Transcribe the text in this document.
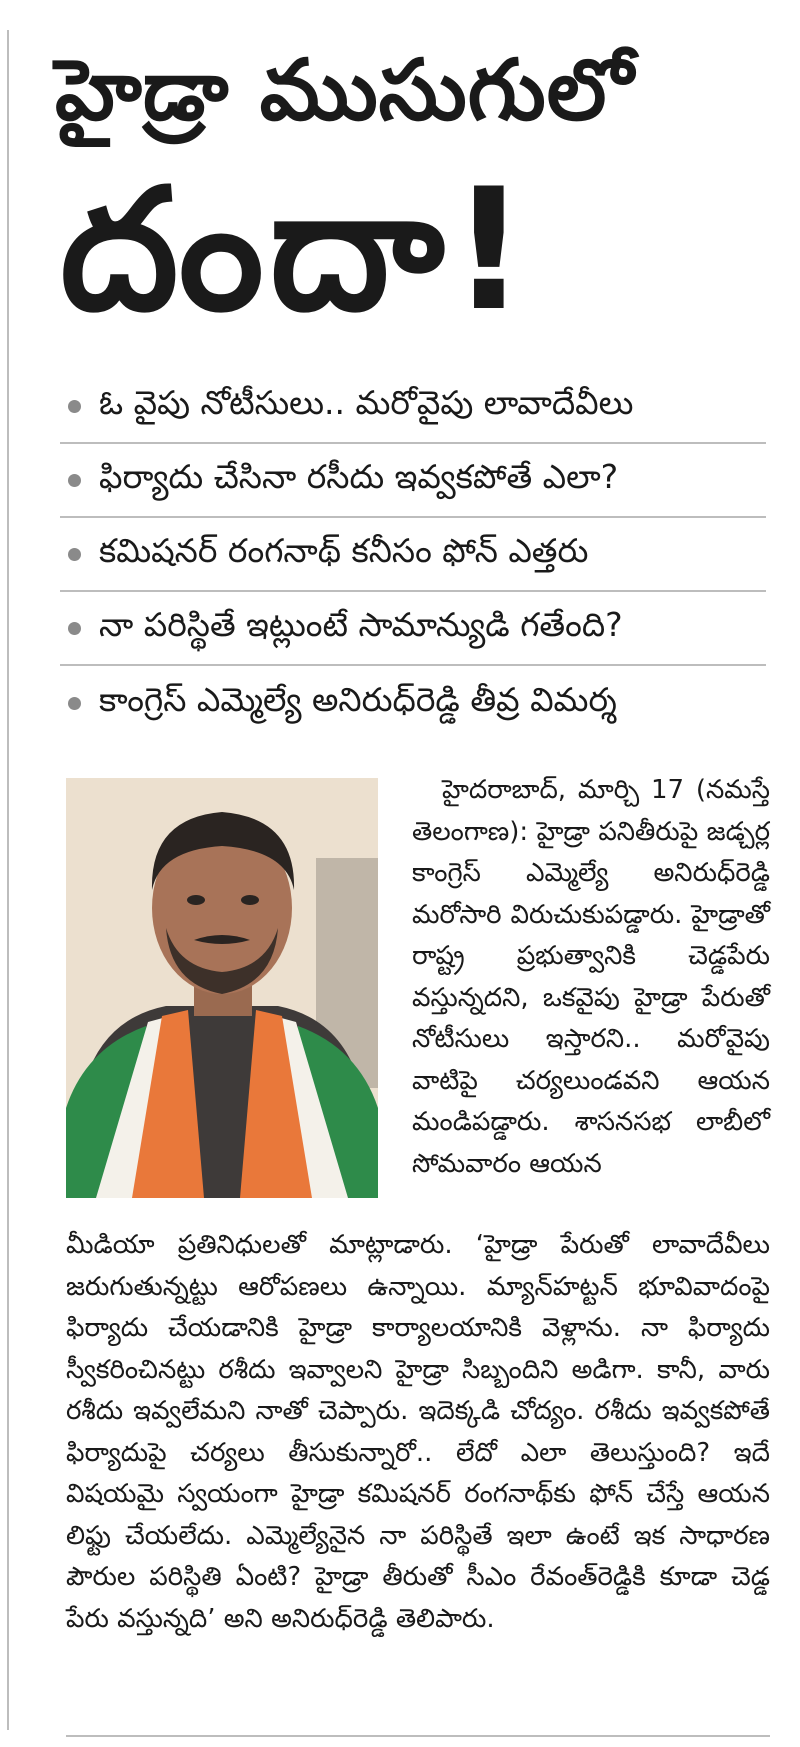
హైడ్రా ముసుగులో
దందా!
ఓ వైపు నోటీసులు.. మరోవైపు లావాదేవీలు
ఫిర్యాదు చేసినా రసీదు ఇవ్వకపోతే ఎలా?
కమిషనర్ రంగనాథ్ కనీసం ఫోన్ ఎత్తరు
నా పరిస్థితే ఇట్లుంటే సామాన్యుడి గతేంది?
కాంగ్రెస్ ఎమ్మెల్యే అనిరుధ్‌రెడ్డి తీవ్ర విమర్శ

హైదరాబాద్, మార్చి 17 (నమస్తే తెలంగాణ): హైడ్రా పనితీరుపై జడ్చర్ల కాంగ్రెస్ ఎమ్మెల్యే అనిరుధ్‌రెడ్డి మరోసారి విరుచుకుపడ్డారు. హైడ్రాతో రాష్ట్ర ప్రభుత్వానికి చెడ్డపేరు వస్తున్నదని, ఒకవైపు హైడ్రా పేరుతో నోటీసులు ఇస్తారని.. మరోవైపు వాటిపై చర్యలుండవని ఆయన మండిపడ్డారు. శాసనసభ లాబీలో సోమవారం ఆయన

మీడియా ప్రతినిధులతో మాట్లాడారు. ‘హైడ్రా పేరుతో లావాదేవీలు జరుగుతున్నట్టు ఆరోపణలు ఉన్నాయి. మ్యాన్‌హట్టన్ భూవివాదంపై ఫిర్యాదు చేయడానికి హైడ్రా కార్యాలయానికి వెళ్లాను. నా ఫిర్యాదు స్వీకరించినట్టు రశీదు ఇవ్వాలని హైడ్రా సిబ్బందిని అడిగా. కానీ, వారు రశీదు ఇవ్వలేమని నాతో చెప్పారు. ఇదెక్కడి చోద్యం. రశీదు ఇవ్వకపోతే ఫిర్యాదుపై చర్యలు తీసుకున్నారో.. లేదో ఎలా తెలుస్తుంది? ఇదే విషయమై స్వయంగా హైడ్రా కమిషనర్ రంగనాథ్‌కు ఫోన్ చేస్తే ఆయన లిఫ్టు చేయలేదు. ఎమ్మెల్యేనైన నా పరిస్థితే ఇలా ఉంటే ఇక సాధారణ పౌరుల పరిస్థితి ఏంటి? హైడ్రా తీరుతో సీఎం రేవంత్‌రెడ్డికి కూడా చెడ్డ పేరు వస్తున్నది’ అని అనిరుధ్‌రెడ్డి తెలిపారు.
